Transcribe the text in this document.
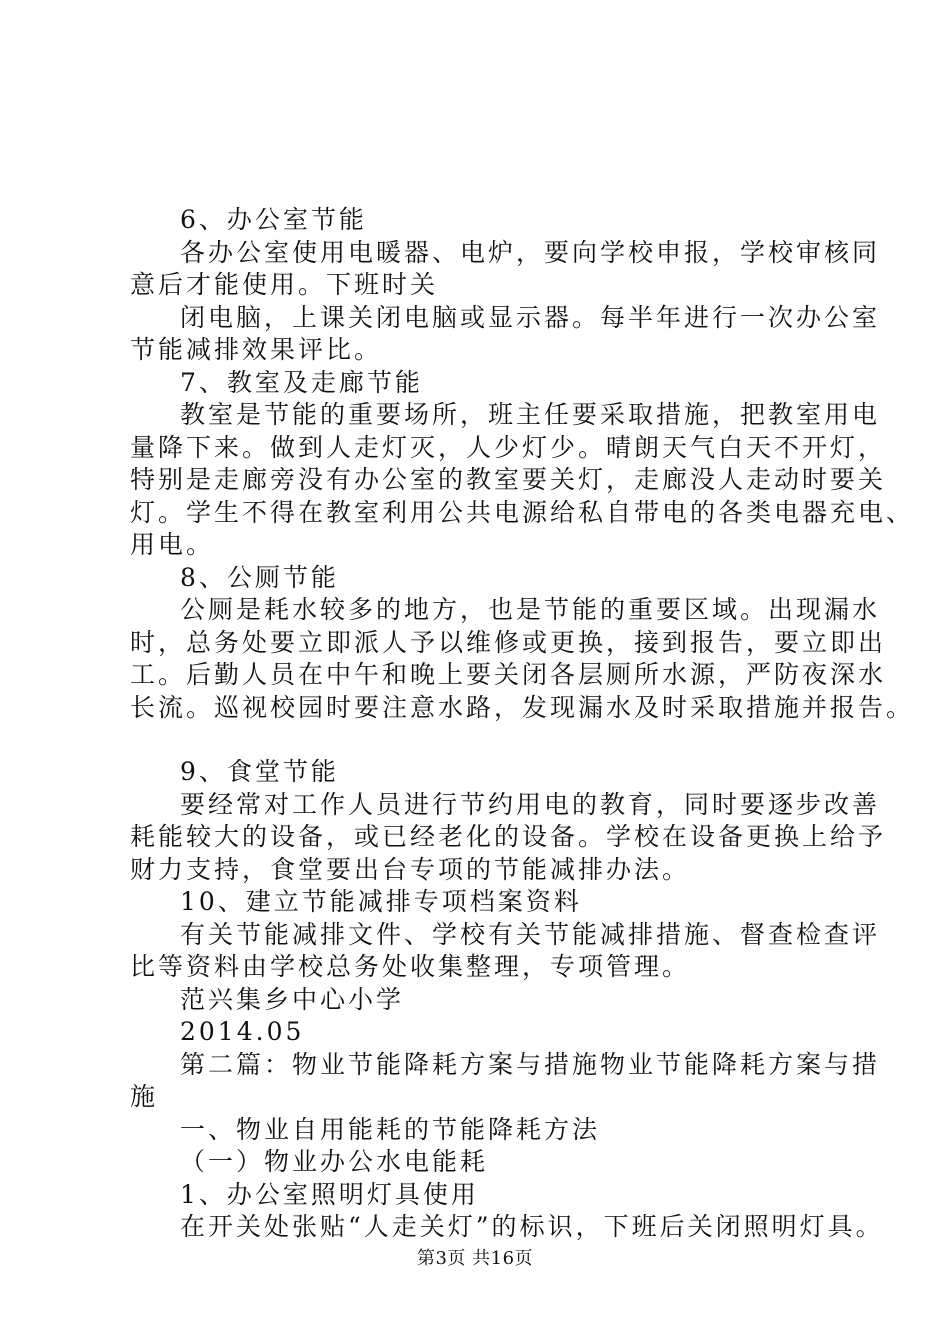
6、办公室节能
各办公室使用电暖器、电炉，要向学校申报，学校审核同
意后才能使用。下班时关
闭电脑，上课关闭电脑或显示器。每半年进行一次办公室
节能减排效果评比。
7、教室及走廊节能
教室是节能的重要场所，班主任要采取措施，把教室用电
量降下来。做到人走灯灭，人少灯少。晴朗天气白天不开灯，
特别是走廊旁没有办公室的教室要关灯，走廊没人走动时要关
灯。学生不得在教室利用公共电源给私自带电的各类电器充电、
用电。
8、公厕节能
公厕是耗水较多的地方，也是节能的重要区域。出现漏水
时，总务处要立即派人予以维修或更换，接到报告，要立即出
工。后勤人员在中午和晚上要关闭各层厕所水源，严防夜深水
长流。巡视校园时要注意水路，发现漏水及时采取措施并报告。
9、食堂节能
要经常对工作人员进行节约用电的教育，同时要逐步改善
耗能较大的设备，或已经老化的设备。学校在设备更换上给予
财力支持，食堂要出台专项的节能减排办法。
10、建立节能减排专项档案资料
有关节能减排文件、学校有关节能减排措施、督查检查评
比等资料由学校总务处收集整理，专项管理。
范兴集乡中心小学
2014.05
第二篇：物业节能降耗方案与措施物业节能降耗方案与措
施
一、物业自用能耗的节能降耗方法
（一）物业办公水电能耗
1、办公室照明灯具使用
在开关处张贴“人走关灯”的标识，下班后关闭照明灯具。
第3页 共16页
